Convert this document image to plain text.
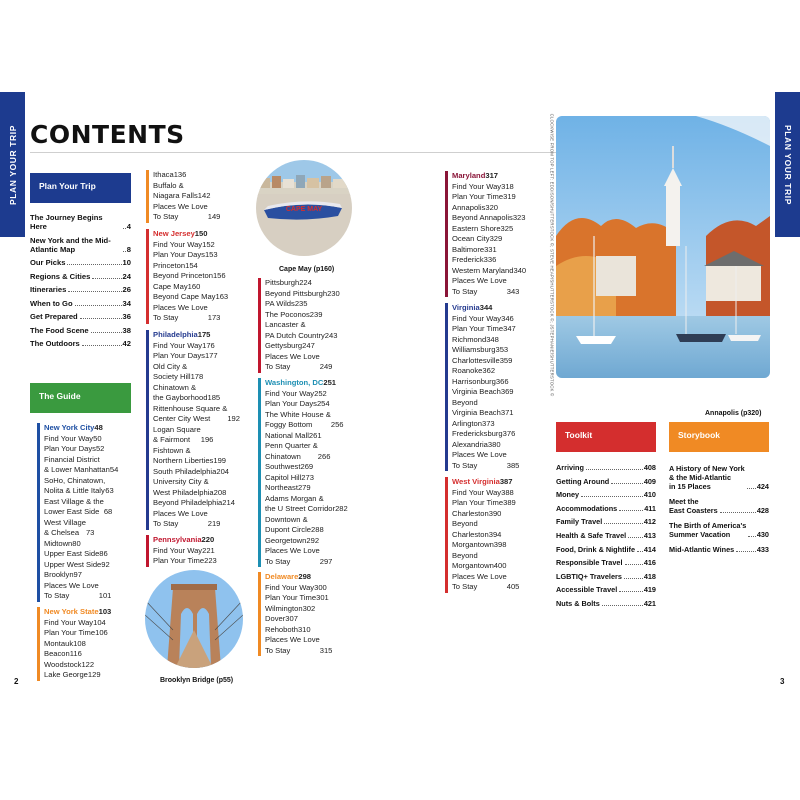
PLAN YOUR TRIP	PLAN YOUR TRIP
CONTENTS
Plan Your Trip
The Journey Begins Here	4
New York and the Mid-Atlantic Map	8
Our Picks	10
Regions & Cities	24
Itineraries	26
When to Go	34
Get Prepared	36
The Food Scene	38
The Outdoors	42
The Guide
New York City 48
Find Your Way 50
Plan Your Days 52
Financial District
& Lower Manhattan 54
SoHo, Chinatown,
Nolita & Little Italy 63
East Village & the
Lower East Side 68
West Village
& Chelsea 73
Midtown 80
Upper East Side 86
Upper West Side 92
Brooklyn 97
Places We Love
To Stay	101
New York State 103
Find Your Way 104
Plan Your Time 106
Montauk 108
Beacon 116
Woodstock 122
Lake George 129
Ithaca 136
Buffalo &
Niagara Falls 142
Places We Love
To Stay	149
New Jersey 150
Find Your Way 152
Plan Your Days 153
Princeton 154
Beyond Princeton 156
Cape May 160
Beyond Cape May 163
Places We Love
To Stay	173
Philadelphia 175
Find Your Way 176
Plan Your Days 177
Old City &
Society Hill 178
Chinatown &
the Gayborhood 185
Rittenhouse Square &
Center City West	192
Logan Square
& Fairmont	196
Fishtown &
Northern Liberties 199
South Philadelphia 204
University City &
West Philadelphia 208
Beyond Philadelphia 214
Places We Love
To Stay	219
Pennsylvania 220
Find Your Way 221
Plan Your Time 223
Pittsburgh 224
Beyond Pittsburgh 230
PA Wilds 235
The Poconos 239
Lancaster &
PA Dutch Country 243
Gettysburg 247
Places We Love
To Stay	249
Washington, DC 251
Find Your Way 252
Plan Your Days 254
The White House &
Foggy Bottom	256
National Mall 261
Penn Quarter &
Chinatown	266
Southwest 269
Capitol Hill 273
Northeast 279
Adams Morgan &
the U Street Corridor 282
Downtown &
Dupont Circle 288
Georgetown 292
Places We Love
To Stay	297
Delaware 298
Find Your Way 300
Plan Your Time 301
Wilmington 302
Dover 307
Rehoboth 310
Places We Love
To Stay	315
Maryland 317
Find Your Way 318
Plan Your Time 319
Annapolis 320
Beyond Annapolis 323
Eastern Shore 325
Ocean City 329
Baltimore 331
Frederick 336
Western Maryland 340
Places We Love
To Stay	343
Virginia 344
Find Your Way 346
Plan Your Time 347
Richmond 348
Williamsburg 353
Charlottesville 359
Roanoke 362
Harrisonburg 366
Virginia Beach 369
Beyond
Virginia Beach 371
Arlington 373
Fredericksburg 376
Alexandria 380
Places We Love
To Stay	385
West Virginia 387
Find Your Way 388
Plan Your Time 389
Charleston 390
Beyond
Charleston 394
Morgantown 398
Beyond
Morgantown 400
Places We Love
To Stay	405
CAPE MAY
Cape May (p160)
Brooklyn Bridge (p55)
CLOCKWISE FROM TOP LEFT: EDDISON/SHUTTERSTOCK ©; STEVE HEAP/SHUTTERSTOCK ©; JSTEPHANIE/SHUTTERSTOCK ©
Annapolis (p320)
Toolkit
Arriving	408
Getting Around	409
Money	410
Accommodations	411
Family Travel	412
Health & Safe Travel 413
Food, Drink & Nightlife 414
Responsible Travel	416
LGBTIQ+ Travelers	418
Accessible Travel	419
Nuts & Bolts	421
Storybook
A History of New York
& the Mid-Atlantic
in 15 Places	424
Meet the
East Coasters	428
The Birth of America's
Summer Vacation	430
Mid-Atlantic Wines	433
2	3
